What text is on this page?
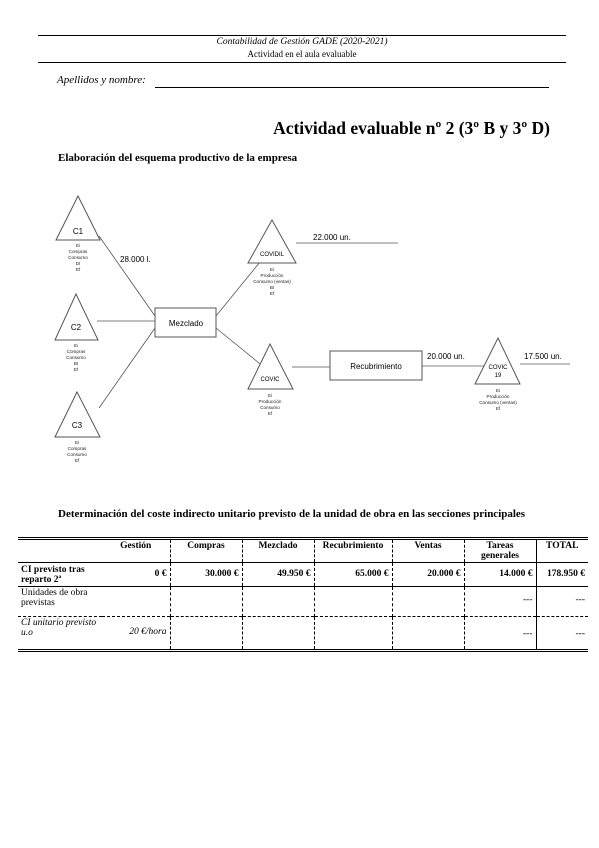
Contabilidad de Gestión GADE (2020-2021)
Actividad en el aula evaluable
Apellidos y nombre:
Actividad evaluable nº 2 (3º B y 3º D)
Elaboración del esquema productivo de la empresa
C1
C2
C3
COVIDIL
COVIC
COVIC
19
Mezclado
Recubrimiento
28.000 l.
22.000 un.
20.000 un.	17.500 un.
Ei
Compras
Consumo
DI
Ef
Ei
Compras
Consumo
BI
Ef
Ei
Compras
Consumo
Ef
Ei
Producción
Consumo (ventas)
BI
Ef
Ei
Producción
Consumo
Ef
Ei
Producción
Consumo (ventas)
Ef
Determinación del coste indirecto unitario previsto de la unidad de obra en las secciones principales
	Gestión	Compras	Mezclado	Recubrimiento	Ventas	Tareas generales	TOTAL
CI previsto tras reparto 2ª	0 €	30.000 €	49.950 €	65.000 €	20.000 €	14.000 €	178.950 €
Unidades de obra previstas						---	---
CI unitario previsto u.o	20 €/hora					---	---
